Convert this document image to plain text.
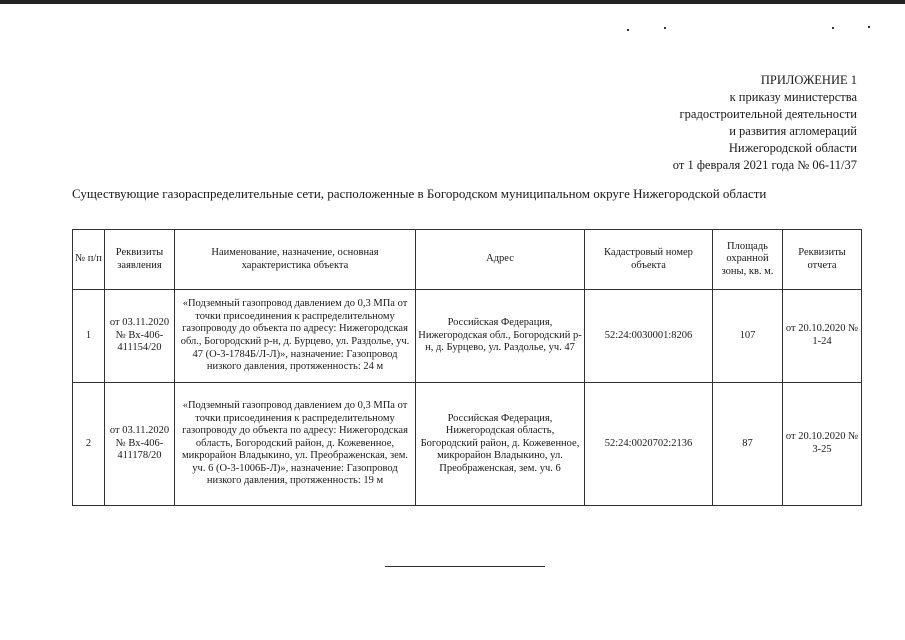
ПРИЛОЖЕНИЕ 1
к приказу министерства
градостроительной деятельности
и развития агломераций
Нижегородской области
от 1 февраля 2021 года № 06-11/37
Существующие газораспределительные сети, расположенные в Богородском муниципальном округе Нижегородской области
№ п/п	Реквизиты заявления	Наименование, назначение, основная характеристика объекта	Адрес	Кадастровый номер объекта	Площадь охранной зоны, кв. м.	Реквизиты отчета
1	от 03.11.2020 № Вх-406-411154/20	«Подземный газопровод давлением до 0,3 МПа от точки присоединения к распределительному газопроводу до объекта по адресу: Нижегородская обл., Богородский р-н, д. Бурцево, ул. Раздолье, уч. 47 (О-3-1784Б/Л-Л)», назначение: Газопровод низкого давления, протяженность: 24 м	Российская Федерация, Нижегородская обл., Богородский р-н, д. Бурцево, ул. Раздолье, уч. 47	52:24:0030001:8206	107	от 20.10.2020 № 1-24
2	от 03.11.2020 № Вх-406-411178/20	«Подземный газопровод давлением до 0,3 МПа от точки присоединения к распределительному газопроводу до объекта по адресу: Нижегородская область, Богородский район, д. Кожевенное, микрорайон Владыкино, ул. Преображенская, зем. уч. 6 (О-3-1006Б-Л)», назначение: Газопровод низкого давления, протяженность: 19 м	Российская Федерация, Нижегородская область, Богородский район, д. Кожевенное, микрорайон Владыкино, ул. Преображенская, зем. уч. 6	52:24:0020702:2136	87	от 20.10.2020 № 3-25
